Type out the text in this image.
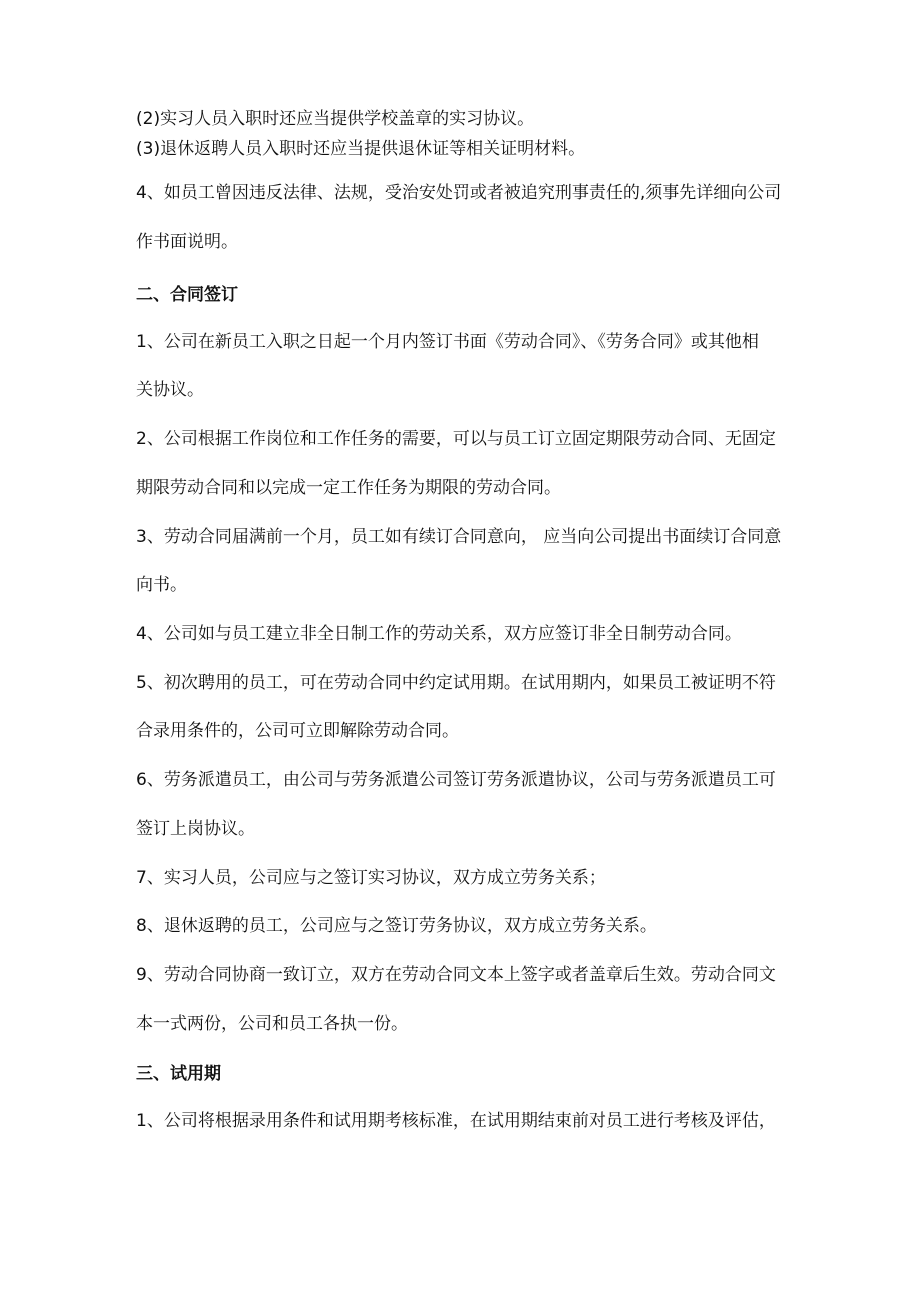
(2)实习人员入职时还应当提供学校盖章的实习协议。

(3)退休返聘人员入职时还应当提供退休证等相关证明材料。

4、如员工曾因违反法律、法规，受治安处罚或者被追究刑事责任的,须事先详细向公司

作书面说明。

二、合同签订

1、公司在新员工入职之日起一个月内签订书面《劳动合同》、《劳务合同》或其他相

关协议。

2、公司根据工作岗位和工作任务的需要，可以与员工订立固定期限劳动合同、无固定

期限劳动合同和以完成一定工作任务为期限的劳动合同。

3、劳动合同届满前一个月，员工如有续订合同意向， 应当向公司提出书面续订合同意

向书。

4、公司如与员工建立非全日制工作的劳动关系，双方应签订非全日制劳动合同。

5、初次聘用的员工，可在劳动合同中约定试用期。在试用期内，如果员工被证明不符

合录用条件的，公司可立即解除劳动合同。

6、劳务派遣员工，由公司与劳务派遣公司签订劳务派遣协议，公司与劳务派遣员工可

签订上岗协议。

7、实习人员，公司应与之签订实习协议，双方成立劳务关系；

8、退休返聘的员工，公司应与之签订劳务协议，双方成立劳务关系。

9、劳动合同协商一致订立，双方在劳动合同文本上签字或者盖章后生效。劳动合同文

本一式两份，公司和员工各执一份。

三、试用期

1、公司将根据录用条件和试用期考核标准，在试用期结束前对员工进行考核及评估，
